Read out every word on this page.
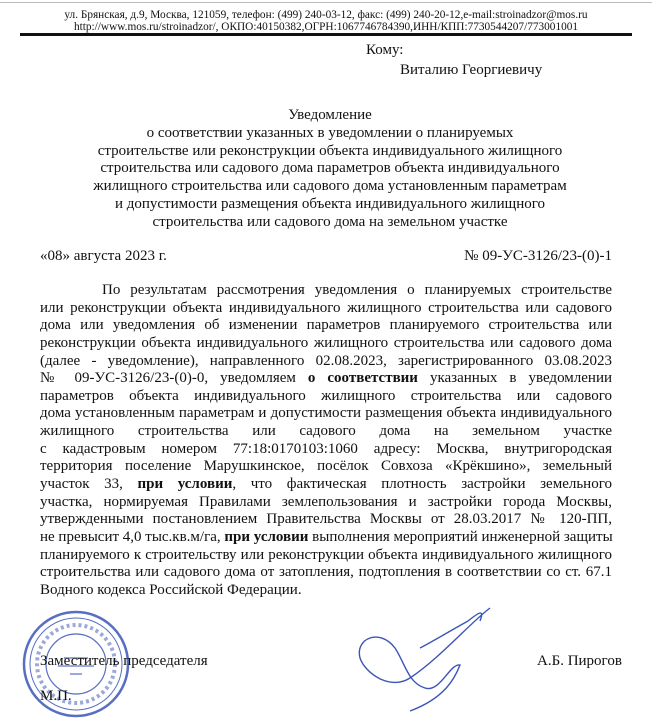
ул. Брянская, д.9, Москва, 121059, телефон: (499) 240-03-12, факс: (499) 240-20-12,e-mail:stroinadzor@mos.ru
http://www.mos.ru/stroinadzor/, ОКПО:40150382,ОГРН:1067746784390,ИНН/КПП:7730544207/773001001
Кому:
Виталию Георгиевичу
Уведомление
о соответствии указанных в уведомлении о планируемых
строительстве или реконструкции объекта индивидуального жилищного
строительства или садового дома параметров объекта индивидуального
жилищного строительства или садового дома установленным параметрам
и допустимости размещения объекта индивидуального жилищного
строительства или садового дома на земельном участке
«08» августа 2023 г.	№ 09-УС-3126/23-(0)-1
По результатам рассмотрения уведомления о планируемых строительстве
или реконструкции объекта индивидуального жилищного строительства или садового
дома или уведомления об изменении параметров планируемого строительства или
реконструкции объекта индивидуального жилищного строительства или садового дома
(далее - уведомление), направленного 02.08.2023, зарегистрированного 03.08.2023
№ 09-УС-3126/23-(0)-0, уведомляем о соответствии указанных в уведомлении
параметров объекта индивидуального жилищного строительства или садового
дома установленным параметрам и допустимости размещения объекта индивидуального
жилищного строительства или садового дома на земельном участке
с кадастровым номером 77:18:0170103:1060 адресу: Москва, внутригородская
территория поселение Марушкинское, посёлок Совхоза «Крёкшино», земельный
участок 33, при условии, что фактическая плотность застройки земельного
участка, нормируемая Правилами землепользования и застройки города Москвы,
утвержденными постановлением Правительства Москвы от 28.03.2017 № 120-ПП,
не превысит 4,0 тыс.кв.м/га, при условии выполнения мероприятий инженерной защиты
планируемого к строительству или реконструкции объекта индивидуального жилищного
строительства или садового дома от затопления, подтопления в соответствии со ст. 67.1
Водного кодекса Российской Федерации.
Заместитель председателя	А.Б. Пирогов
М.П.
